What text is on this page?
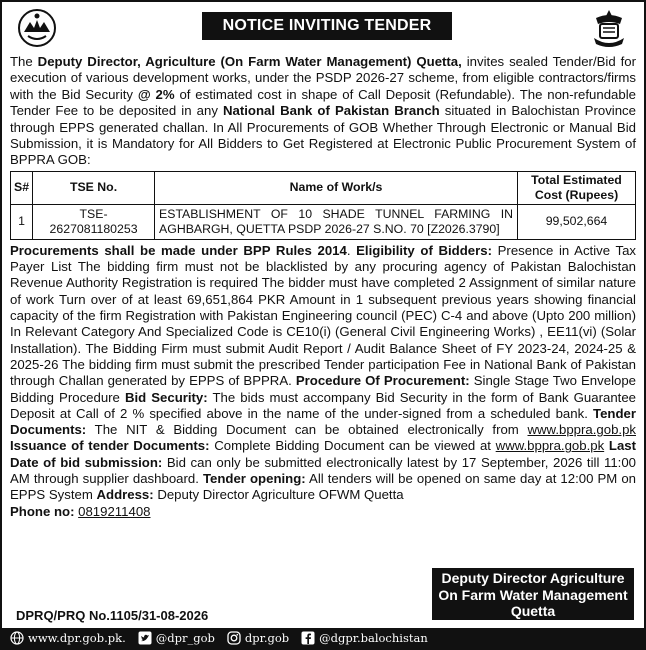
NOTICE INVITING TENDER

The Deputy Director, Agriculture (On Farm Water Management) Quetta, invites sealed Tender/Bid for execution of various development works, under the PSDP 2026-27 scheme, from eligible contractors/firms with the Bid Security @ 2% of estimated cost in shape of Call Deposit (Refundable). The non-refundable Tender Fee to be deposited in any National Bank of Pakistan Branch situated in Balochistan Province through EPPS generated challan. In All Procurements of GOB Whether Through Electronic or Manual Bid Submission, it is Mandatory for All Bidders to Get Registered at Electronic Public Procurement System of BPPRA GOB:

S#	TSE No.	Name of Work/s	Total Estimated Cost (Rupees)
1	TSE-2627081180253	ESTABLISHMENT OF 10 SHADE TUNNEL FARMING IN AGHBARGH, QUETTA PSDP 2026-27 S.NO. 70 [Z2026.3790]	99,502,664

Procurements shall be made under BPP Rules 2014. Eligibility of Bidders: Presence in Active Tax Payer List The bidding firm must not be blacklisted by any procuring agency of Pakistan Balochistan Revenue Authority Registration is required The bidder must have completed 2 Assignment of similar nature of work Turn over of at least 69,651,864 PKR Amount in 1 subsequent previous years showing financial capacity of the firm Registration with Pakistan Engineering council (PEC) C-4 and above (Upto 200 million) In Relevant Category And Specialized Code is CE10(i) (General Civil Engineering Works) , EE11(vi) (Solar Installation). The Bidding Firm must submit Audit Report / Audit Balance Sheet of FY 2023-24, 2024-25 & 2025-26 The bidding firm must submit the prescribed Tender participation Fee in National Bank of Pakistan through Challan generated by EPPS of BPPRA. Procedure Of Procurement: Single Stage Two Envelope Bidding Procedure Bid Security: The bids must accompany Bid Security in the form of Bank Guarantee Deposit at Call of 2 % specified above in the name of the under-signed from a scheduled bank. Tender Documents: The NIT & Bidding Document can be obtained electronically from www.bppra.gob.pk Issuance of tender Documents: Complete Bidding Document can be viewed at www.bppra.gob.pk Last Date of bid submission: Bid can only be submitted electronically latest by 17 September, 2026 till 11:00 AM through supplier dashboard. Tender opening: All tenders will be opened on same day at 12:00 PM on EPPS System Address: Deputy Director Agriculture OFWM Quetta
Phone no: 0819211408

Deputy Director Agriculture
On Farm Water Management
Quetta
DPRQ/PRQ No.1105/31-08-2026
www.dpr.gob.pk.	@dpr_gob	dpr.gob	@dgpr.balochistan
